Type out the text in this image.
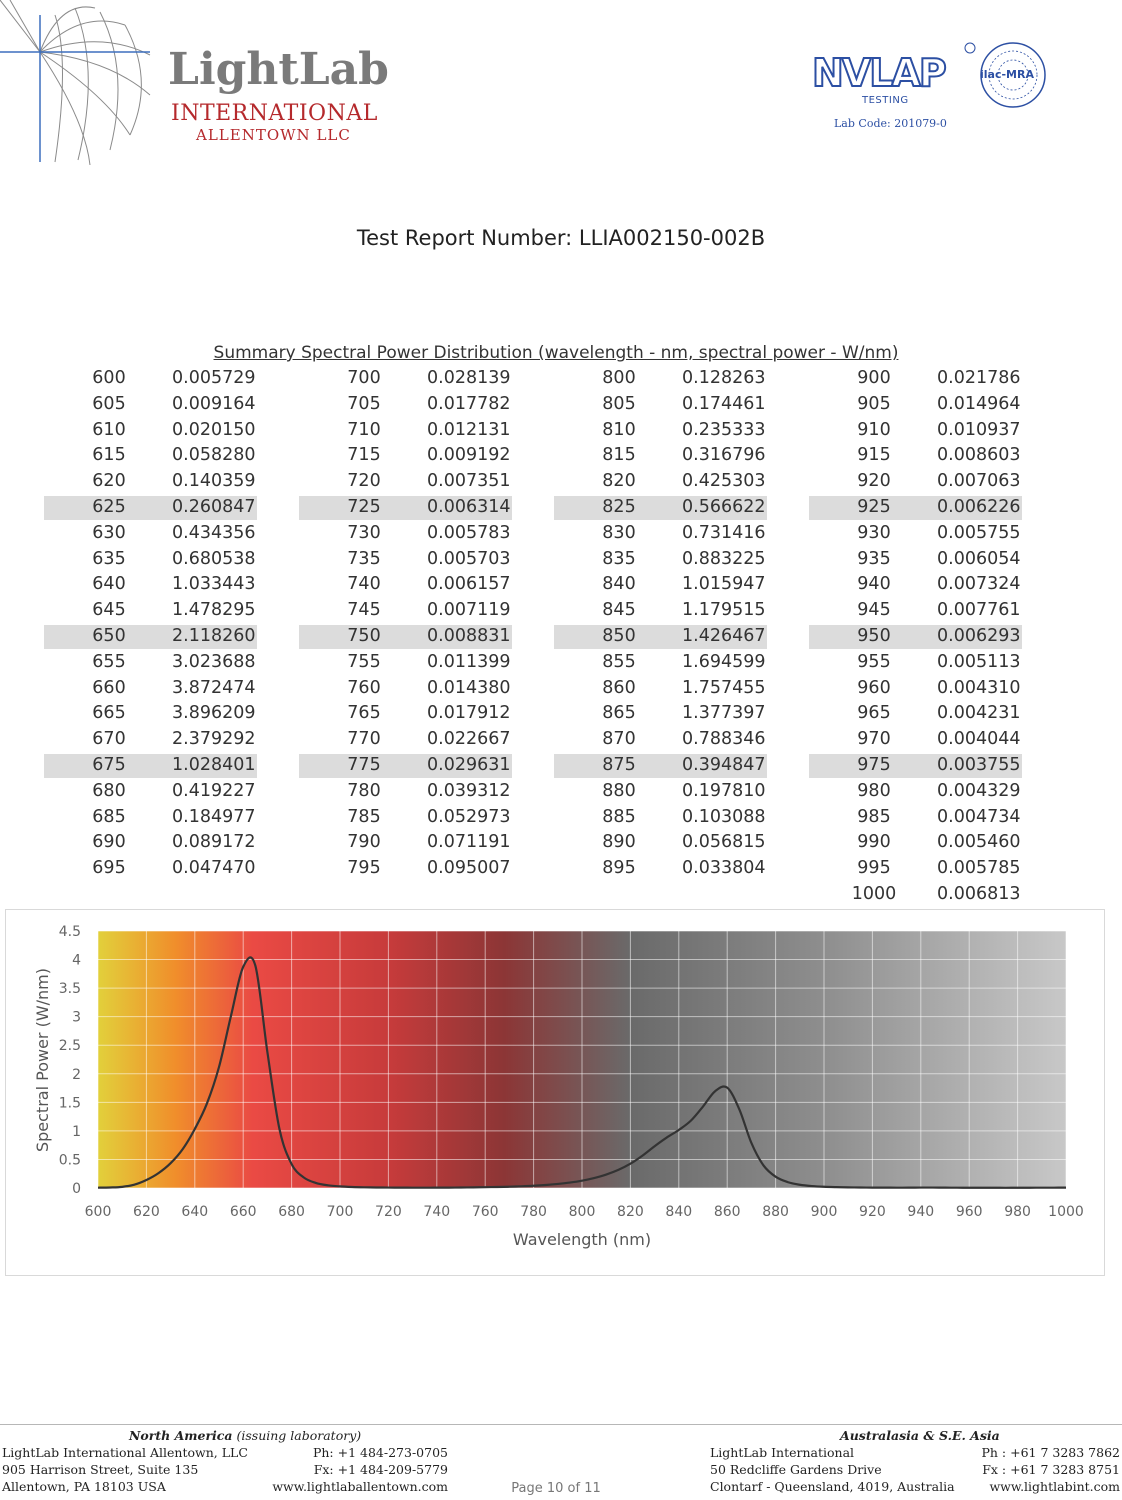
LightLab
INTERNATIONAL
ALLENTOWN LLC
NVLAP
TESTING
ilac-MRA
Lab Code: 201079-0
Test Report Number: LLIA002150-002B
Summary Spectral Power Distribution (wavelength - nm, spectral power - W/nm)
600	0.005729
605	0.009164
610	0.020150
615	0.058280
620	0.140359
625	0.260847
630	0.434356
635	0.680538
640	1.033443
645	1.478295
650	2.118260
655	3.023688
660	3.872474
665	3.896209
670	2.379292
675	1.028401
680	0.419227
685	0.184977
690	0.089172
695	0.047470
700	0.028139
705	0.017782
710	0.012131
715	0.009192
720	0.007351
725	0.006314
730	0.005783
735	0.005703
740	0.006157
745	0.007119
750	0.008831
755	0.011399
760	0.014380
765	0.017912
770	0.022667
775	0.029631
780	0.039312
785	0.052973
790	0.071191
795	0.095007
800	0.128263
805	0.174461
810	0.235333
815	0.316796
820	0.425303
825	0.566622
830	0.731416
835	0.883225
840	1.015947
845	1.179515
850	1.426467
855	1.694599
860	1.757455
865	1.377397
870	0.788346
875	0.394847
880	0.197810
885	0.103088
890	0.056815
895	0.033804
900	0.021786
905	0.014964
910	0.010937
915	0.008603
920	0.007063
925	0.006226
930	0.005755
935	0.006054
940	0.007324
945	0.007761
950	0.006293
955	0.005113
960	0.004310
965	0.004231
970	0.004044
975	0.003755
980	0.004329
985	0.004734
990	0.005460
995	0.005785
1000	0.006813
0
0.5
1
1.5
2
2.5
3
3.5
4
4.5
600 620 640 660 680 700 720 740 760 780 800 820 840 860 880 900 920 940 960 980 1000
Wavelength (nm)
Spectral Power (W/nm)
North America (issuing laboratory)
LightLab International Allentown, LLC
905 Harrison Street, Suite 135
Allentown, PA 18103 USA
Ph: +1 484-273-0705
Fx: +1 484-209-5779
www.lightlaballentown.com
Australasia & S.E. Asia
LightLab International
50 Redcliffe Gardens Drive
Clontarf - Queensland, 4019, Australia
Ph : +61 7 3283 7862
Fx : +61 7 3283 8751
www.lightlabint.com
Page 10 of 11
